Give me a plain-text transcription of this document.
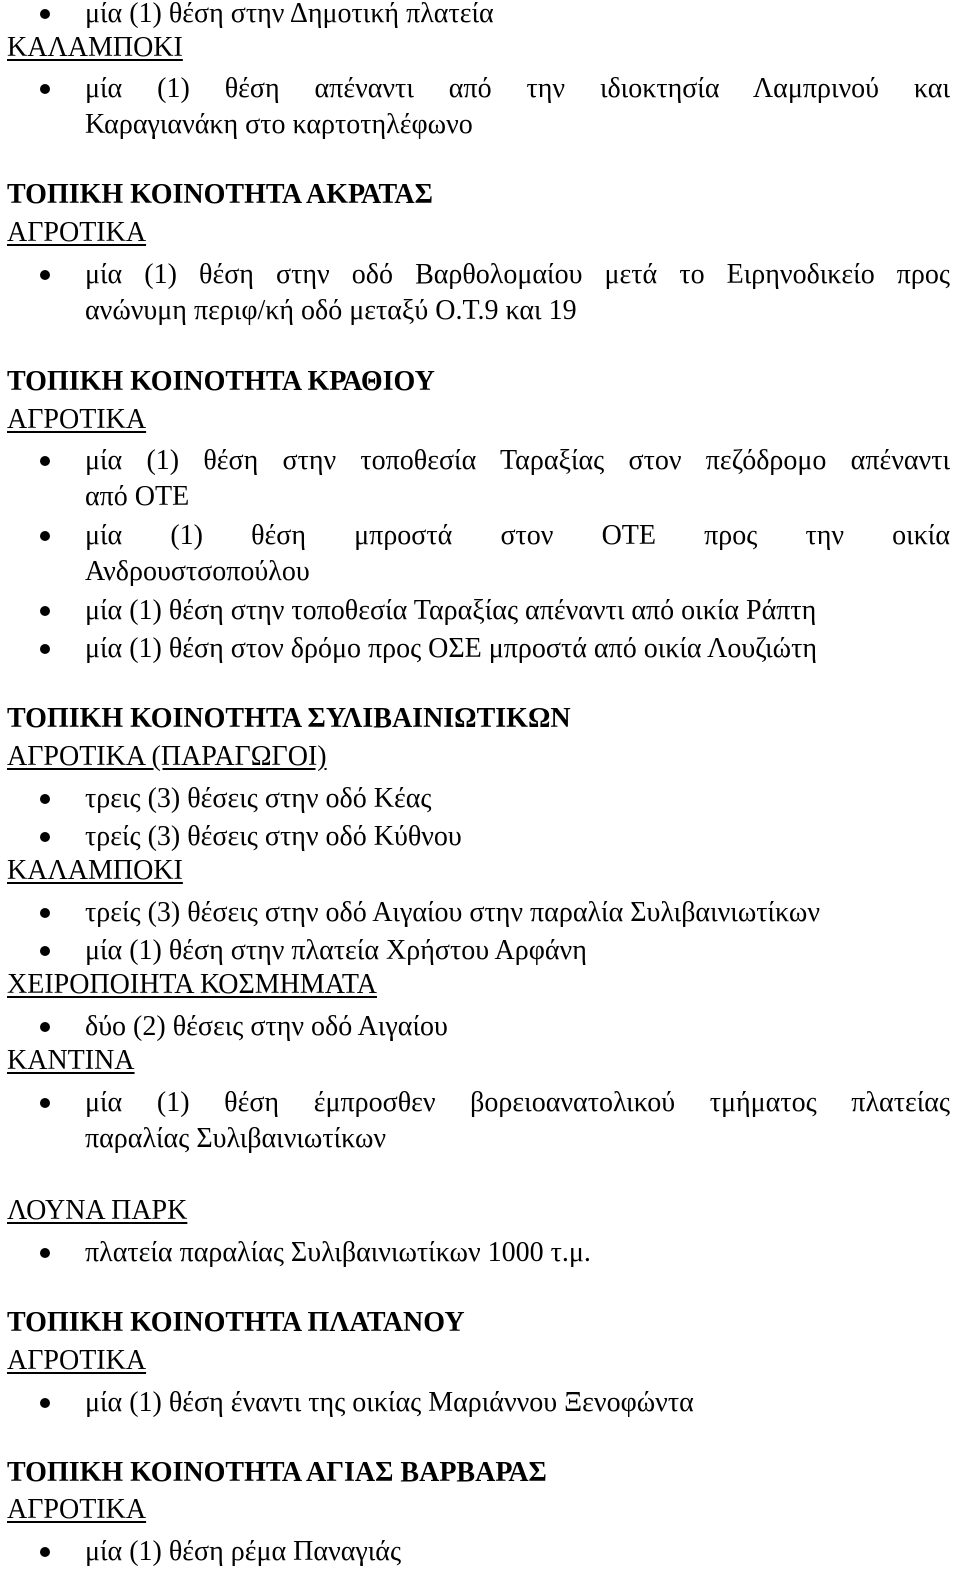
μία (1) θέση στην Δημοτική πλατεία
ΚΑΛΑΜΠΟΚΙ
μία (1) θέση απέναντι από την ιδιοκτησία Λαμπρινού και
Καραγιανάκη στο καρτοτηλέφωνο
ΤΟΠΙΚΗ ΚΟΙΝΟΤΗΤΑ ΑΚΡΑΤΑΣ
ΑΓΡΟΤΙΚΑ
μία (1) θέση στην οδό Βαρθολομαίου μετά το Ειρηνοδικείο προς
ανώνυμη περιφ/κή οδό μεταξύ Ο.Τ.9 και 19
ΤΟΠΙΚΗ ΚΟΙΝΟΤΗΤΑ ΚΡΑΘΙΟΥ
ΑΓΡΟΤΙΚΑ
μία (1) θέση στην τοποθεσία Ταραξίας στον πεζόδρομο απέναντι
από ΟΤΕ
μία (1) θέση μπροστά στον ΟΤΕ προς την οικία
Ανδρουστσοπούλου
μία (1) θέση στην τοποθεσία Ταραξίας απέναντι από οικία Ράπτη
μία (1) θέση στον δρόμο προς ΟΣΕ μπροστά από οικία Λουζιώτη
ΤΟΠΙΚΗ ΚΟΙΝΟΤΗΤΑ ΣΥΛΙΒΑΙΝΙΩΤΙΚΩΝ
ΑΓΡΟΤΙΚΑ (ΠΑΡΑΓΩΓΟΙ)
τρεις (3) θέσεις στην οδό Κέας
τρείς (3) θέσεις στην οδό Κύθνου
ΚΑΛΑΜΠΟΚΙ
τρείς (3) θέσεις στην οδό Αιγαίου στην παραλία Συλιβαινιωτίκων
μία (1) θέση στην πλατεία Χρήστου Αρφάνη
ΧΕΙΡΟΠΟΙΗΤΑ ΚΟΣΜΗΜΑΤΑ
δύο (2) θέσεις στην οδό Αιγαίου
ΚΑΝΤΙΝΑ
μία (1) θέση έμπροσθεν βορειοανατολικού τμήματος πλατείας
παραλίας Συλιβαινιωτίκων
ΛΟΥΝΑ ΠΑΡΚ
πλατεία παραλίας Συλιβαινιωτίκων 1000 τ.μ.
ΤΟΠΙΚΗ ΚΟΙΝΟΤΗΤΑ ΠΛΑΤΑΝΟΥ
ΑΓΡΟΤΙΚΑ
μία (1) θέση έναντι της οικίας Μαριάννου Ξενοφώντα
ΤΟΠΙΚΗ ΚΟΙΝΟΤΗΤΑ ΑΓΙΑΣ ΒΑΡΒΑΡΑΣ
ΑΓΡΟΤΙΚΑ
μία (1) θέση ρέμα Παναγιάς
